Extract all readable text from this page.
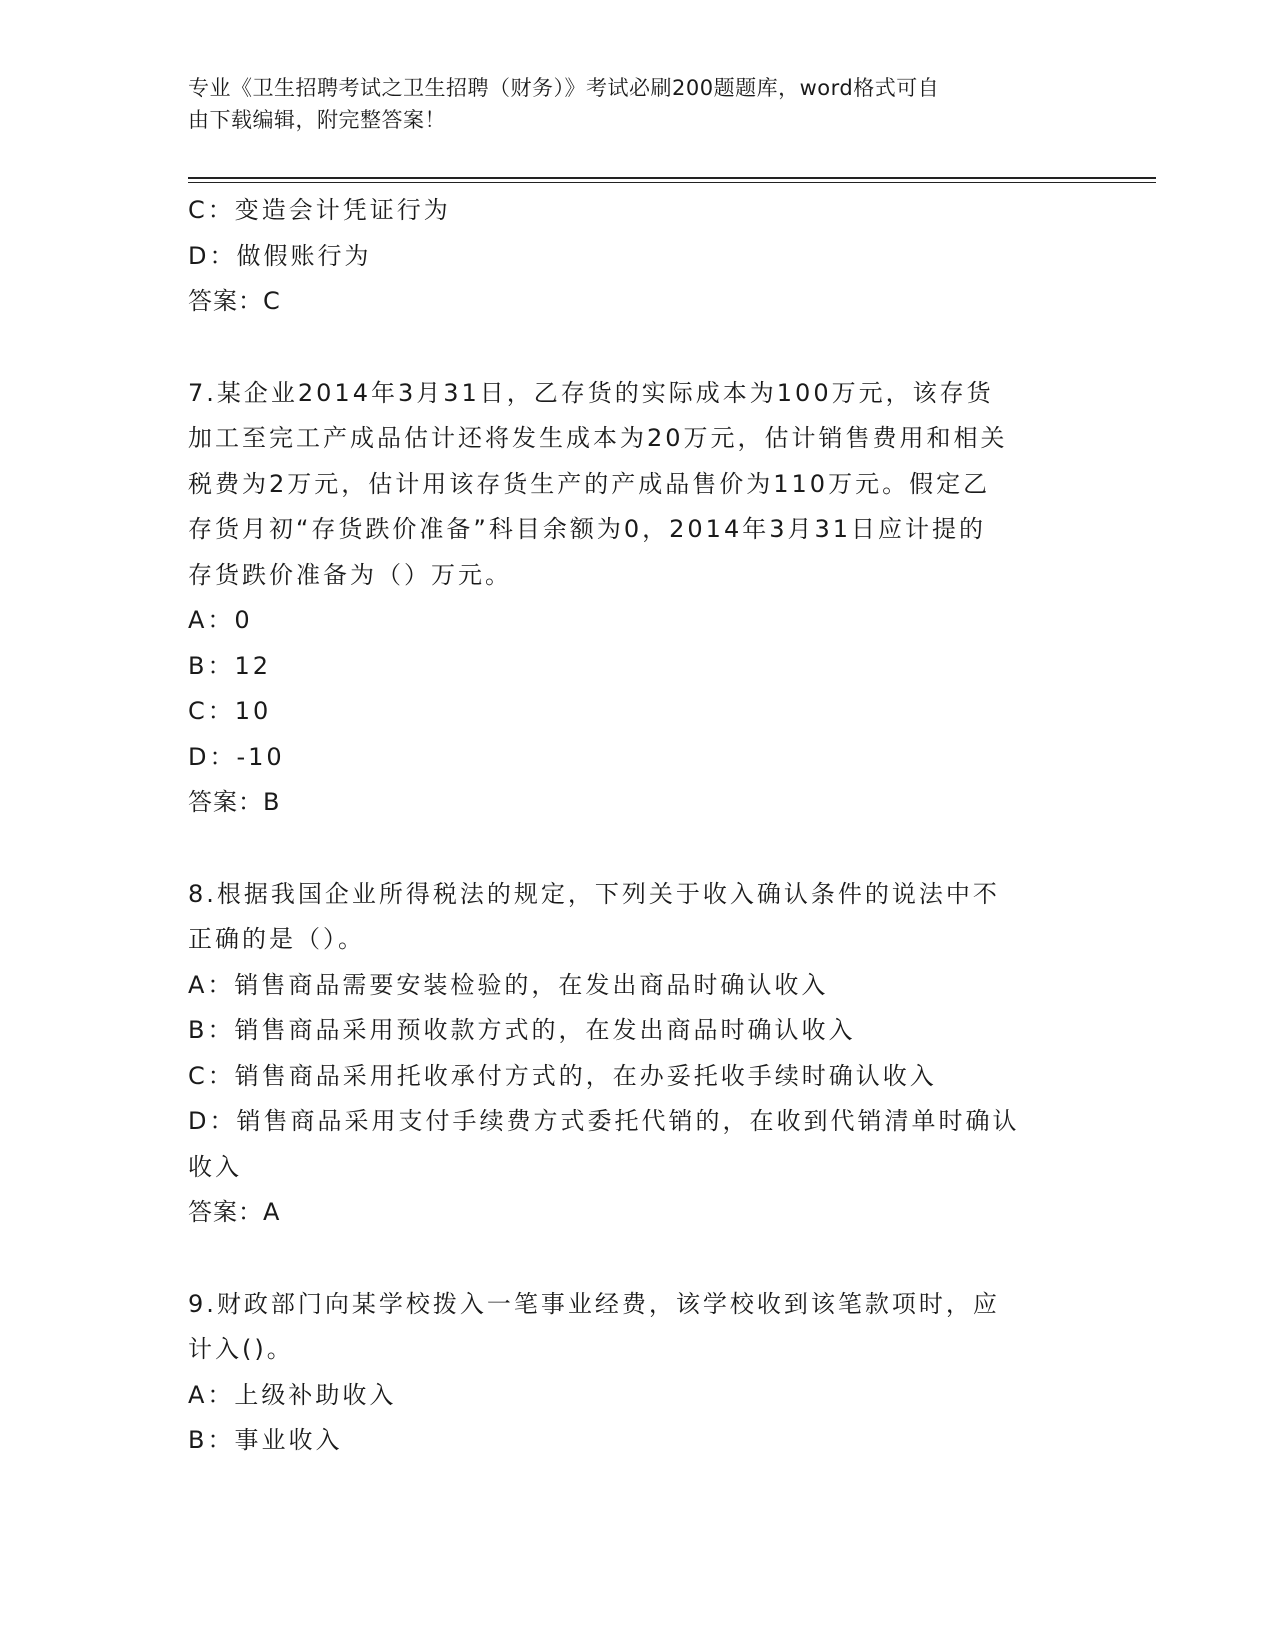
专业《卫生招聘考试之卫生招聘（财务）》考试必刷200题题库，word格式可自
由下载编辑，附完整答案！
C：变造会计凭证行为
D：做假账行为
答案：C
7.某企业2014年3月31日，乙存货的实际成本为100万元，该存货
加工至完工产成品估计还将发生成本为20万元，估计销售费用和相关
税费为2万元，估计用该存货生产的产成品售价为110万元。假定乙
存货月初“存货跌价准备”科目余额为0，2014年3月31日应计提的
存货跌价准备为（）万元。
A：0
B：12
C：10
D：-10
答案：B
8.根据我国企业所得税法的规定，下列关于收入确认条件的说法中不
正确的是（）。
A：销售商品需要安装检验的，在发出商品时确认收入
B：销售商品采用预收款方式的，在发出商品时确认收入
C：销售商品采用托收承付方式的，在办妥托收手续时确认收入
D：销售商品采用支付手续费方式委托代销的，在收到代销清单时确认
收入
答案：A
9.财政部门向某学校拨入一笔事业经费，该学校收到该笔款项时，应
计入()。
A：上级补助收入
B：事业收入
